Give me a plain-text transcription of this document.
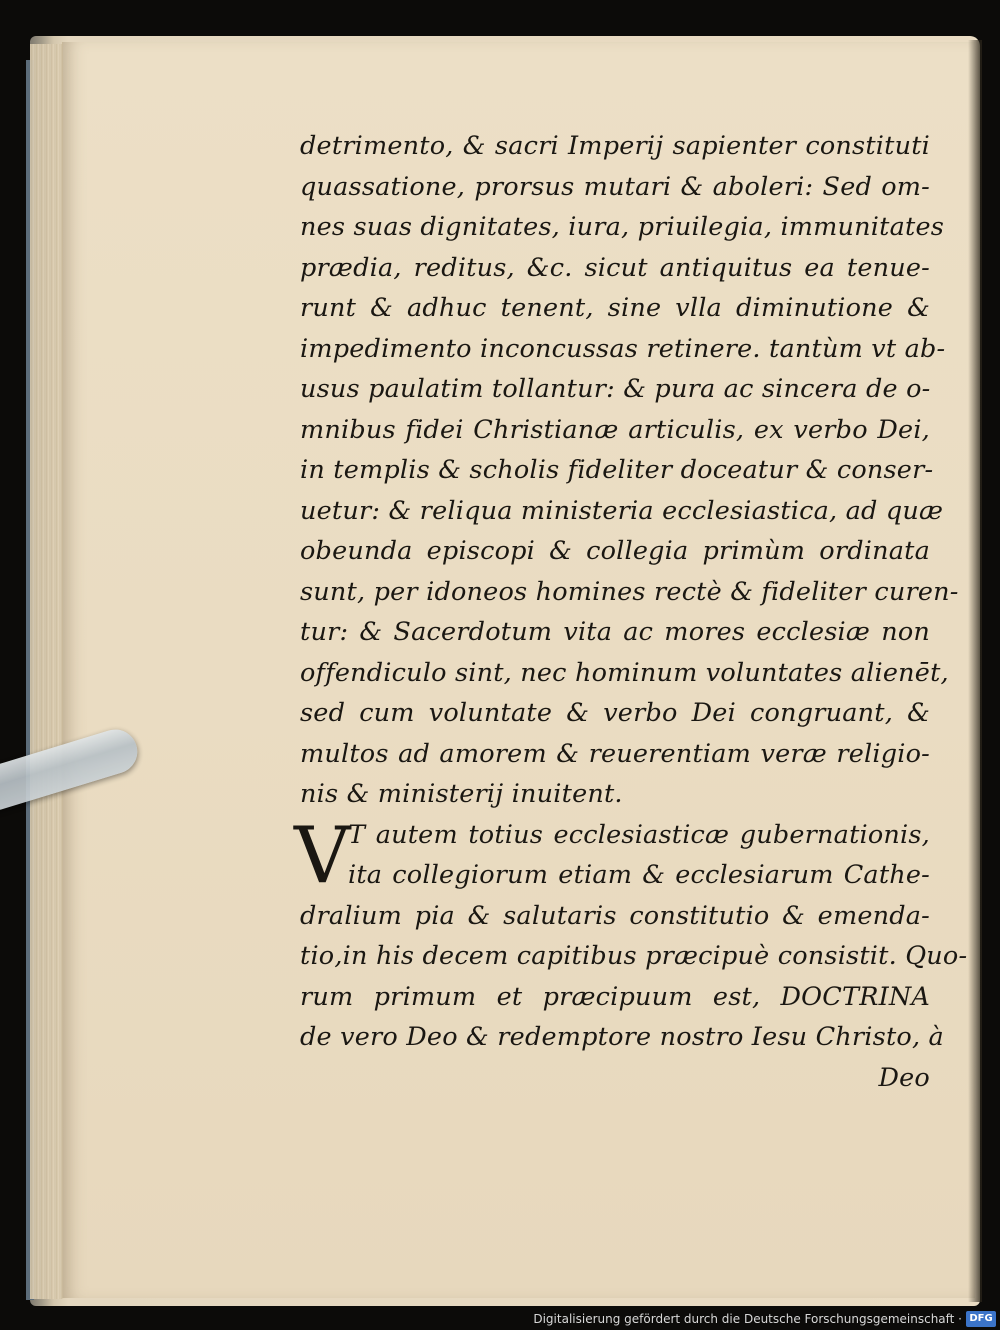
detrimento, & sacri Imperij sapienter constituti
quassatione, prorsus mutari & aboleri: Sed om-
nes suas dignitates, iura, priuilegia, immunitates
prædia, reditus, &c. sicut antiquitus ea tenue-
runt & adhuc tenent, sine vlla diminutione &
impedimento inconcussas retinere. tantùm vt ab-
usus paulatim tollantur: & pura ac sincera de o-
mnibus fidei Christianæ articulis, ex verbo Dei,
in templis & scholis fideliter doceatur & conser-
uetur: & reliqua ministeria ecclesiastica, ad quæ
obeunda episcopi & collegia primùm ordinata
sunt, per idoneos homines rectè & fideliter curen-
tur: & Sacerdotum vita ac mores ecclesiæ non
offendiculo sint, nec hominum voluntates alienēt,
sed cum voluntate & verbo Dei congruant, &
multos ad amorem & reuerentiam veræ religio-
nis & ministerij inuitent.
V
T autem totius ecclesiasticæ gubernationis,
ita collegiorum etiam & ecclesiarum Cathe-
dralium pia & salutaris constitutio & emenda-
tio,in his decem capitibus præcipuè consistit. Quo-
rum primum et præcipuum est, DOCTRINA
de vero Deo & redemptore nostro Iesu Christo, à
Deo
Digitalisierung gefördert durch die Deutsche Forschungsgemeinschaft · DFG
